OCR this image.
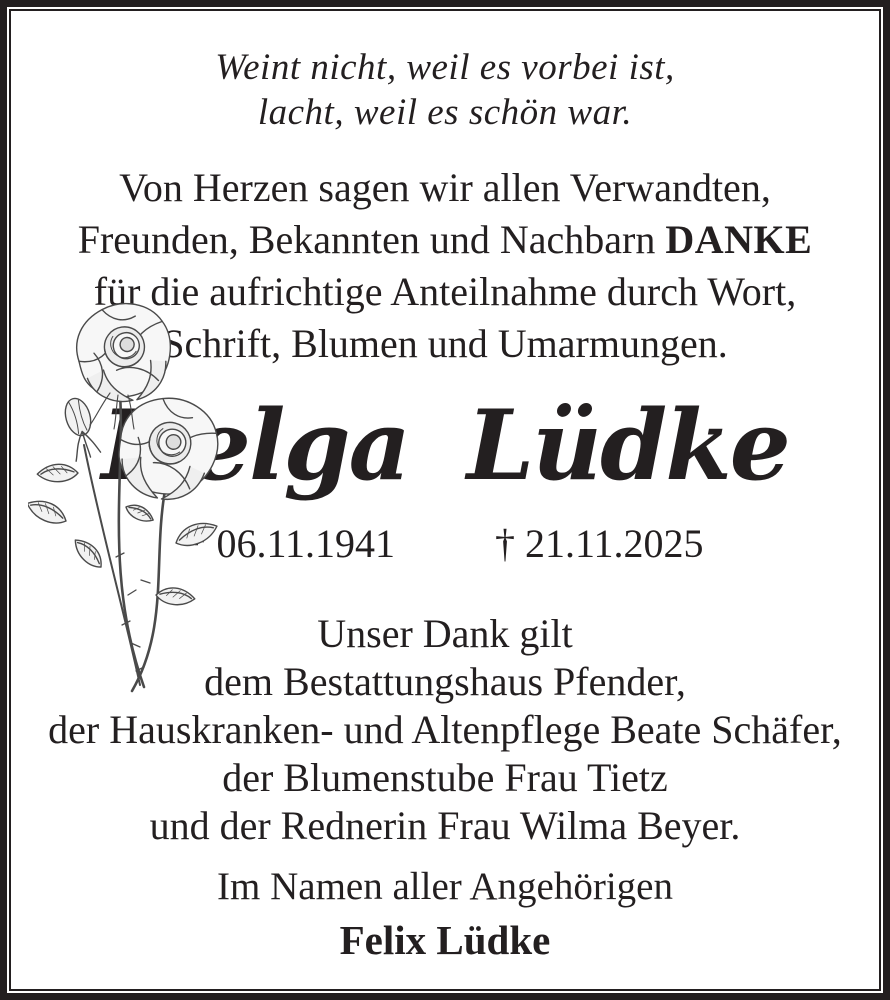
Weint nicht, weil es vorbei ist,
lacht, weil es schön war.
Von Herzen sagen wir allen Verwandten,
Freunden, Bekannten und Nachbarn DANKE
für die aufrichtige Anteilnahme durch Wort,
Schrift, Blumen und Umarmungen.
Helga Lüdke
* 06.11.1941	† 21.11.2025
Unser Dank gilt
dem Bestattungshaus Pfender,
der Hauskranken- und Altenpflege Beate Schäfer,
der Blumenstube Frau Tietz
und der Rednerin Frau Wilma Beyer.
Im Namen aller Angehörigen
Felix Lüdke
